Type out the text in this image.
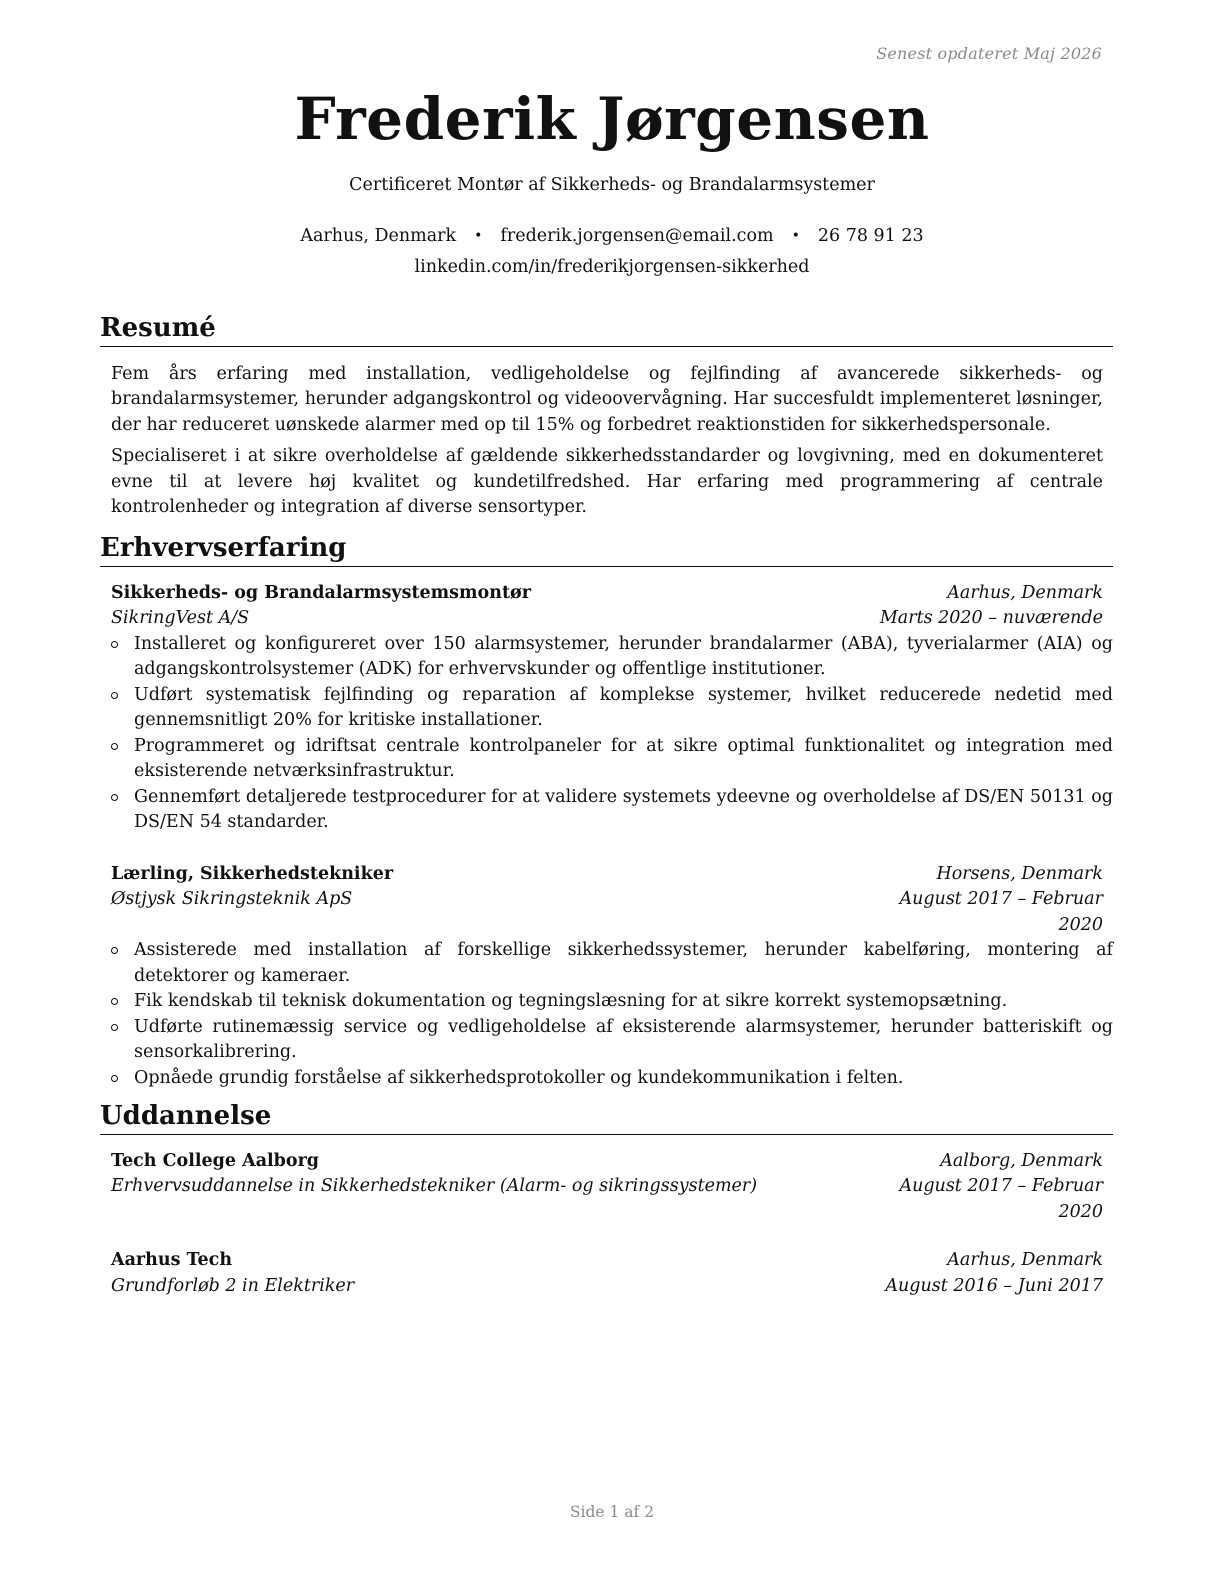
Senest opdateret Maj 2026
Frederik Jørgensen
Certificeret Montør af Sikkerheds- og Brandalarmsystemer
Aarhus, Denmark • frederik.jorgensen@email.com • 26 78 91 23
linkedin.com/in/frederikjorgensen-sikkerhed
Resumé

Fem års erfaring med installation, vedligeholdelse og fejlfinding af avancerede sikkerheds- og brandalarmsystemer, herunder adgangskontrol og videoovervågning. Har succesfuldt implementeret løsninger, der har reduceret uønskede alarmer med op til 15% og forbedret reaktionstiden for sikkerhedspersonale.

Specialiseret i at sikre overholdelse af gældende sikkerhedsstandarder og lovgivning, med en dokumenteret evne til at levere høj kvalitet og kundetilfredshed. Har erfaring med programmering af centrale kontrolenheder og integration af diverse sensortyper.

Erhvervserfaring
Sikkerheds- og Brandalarmsystemsmontør	Aarhus, Denmark
SikringVest A/S	Marts 2020 – nuværende
Installeret og konfigureret over 150 alarmsystemer, herunder brandalarmer (ABA), tyverialarmer (AIA) og adgangskontrolsystemer (ADK) for erhvervskunder og offentlige institutioner.
Udført systematisk fejlfinding og reparation af komplekse systemer, hvilket reducerede nedetid med gennemsnitligt 20% for kritiske installationer.
Programmeret og idriftsat centrale kontrolpaneler for at sikre optimal funktionalitet og integration med eksisterende netværksinfrastruktur.
Gennemført detaljerede testprocedurer for at validere systemets ydeevne og overholdelse af DS/EN 50131 og DS/EN 54 standarder.
Lærling, Sikkerhedstekniker	Horsens, Denmark
Østjysk Sikringsteknik ApS	August 2017 – Februar 2020
Assisterede med installation af forskellige sikkerhedssystemer, herunder kabelføring, montering af detektorer og kameraer.
Fik kendskab til teknisk dokumentation og tegningslæsning for at sikre korrekt systemopsætning.
Udførte rutinemæssig service og vedligeholdelse af eksisterende alarmsystemer, herunder batteriskift og sensorkalibrering.
Opnåede grundig forståelse af sikkerhedsprotokoller og kundekommunikation i felten.
Uddannelse
Tech College Aalborg	Aalborg, Denmark
Erhvervsuddannelse in Sikkerhedstekniker (Alarm- og sikringssystemer)	August 2017 – Februar 2020
Aarhus Tech	Aarhus, Denmark
Grundforløb 2 in Elektriker	August 2016 – Juni 2017
Side 1 af 2
